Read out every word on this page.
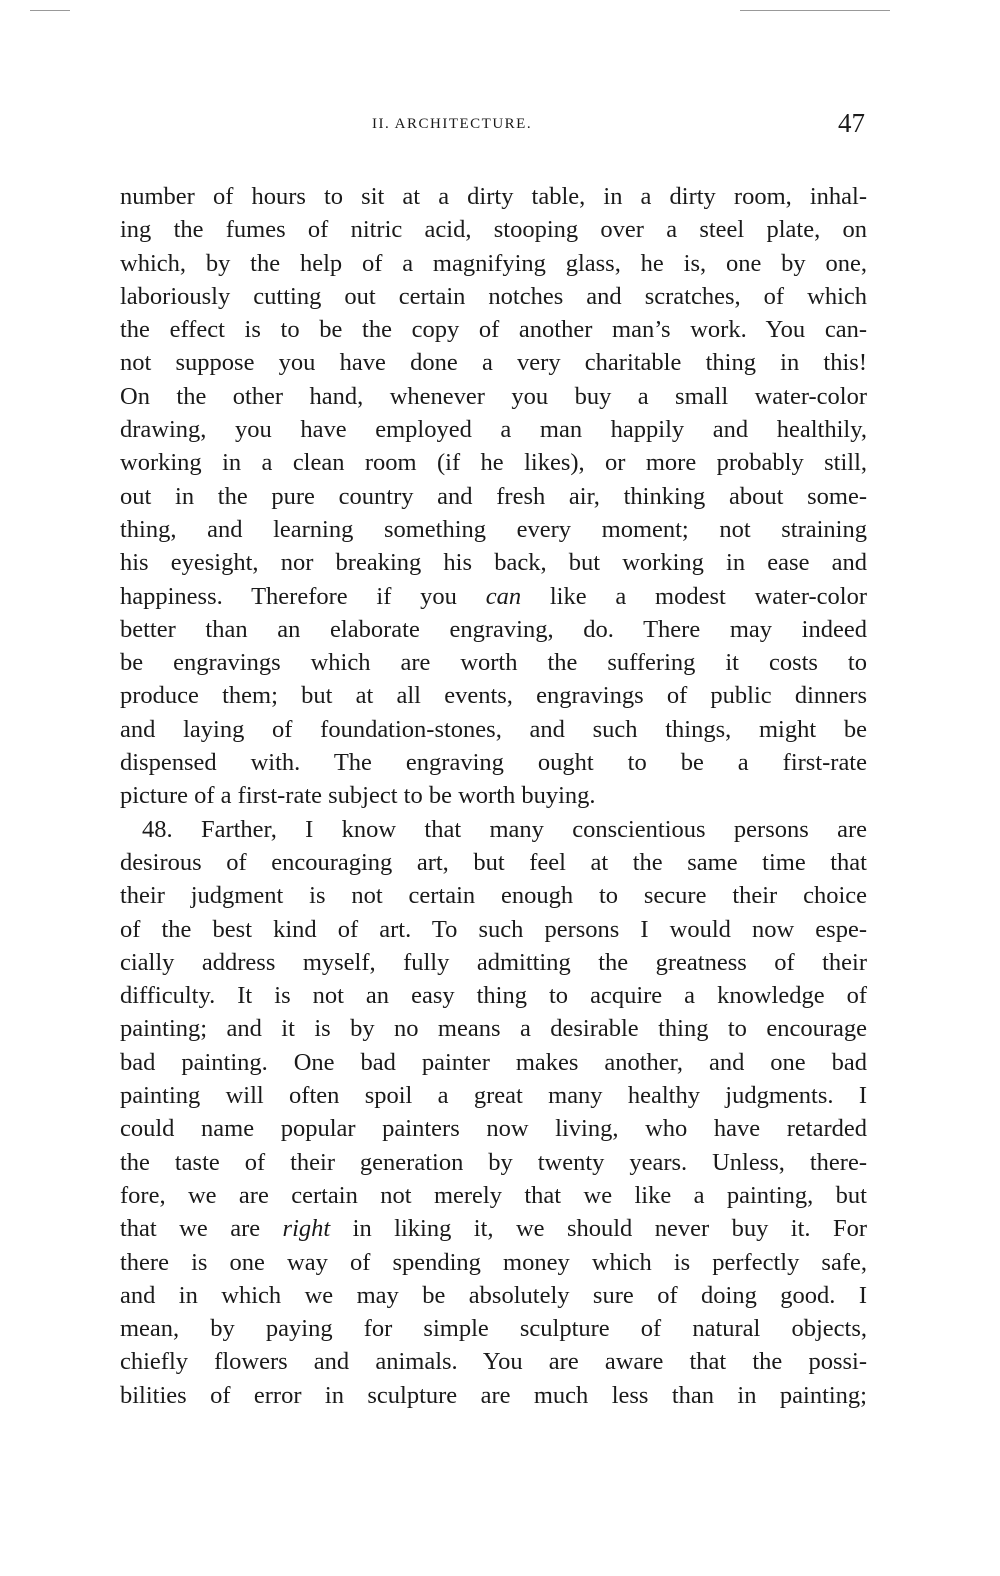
II. ARCHITECTURE.	47
number of hours to sit at a dirty table, in a dirty room, inhal-
ing the fumes of nitric acid, stooping over a steel plate, on
which, by the help of a magnifying glass, he is, one by one,
laboriously cutting out certain notches and scratches, of which
the effect is to be the copy of another man’s work. You can-
not suppose you have done a very charitable thing in this!
On the other hand, whenever you buy a small water-color
drawing, you have employed a man happily and healthily,
working in a clean room (if he likes), or more probably still,
out in the pure country and fresh air, thinking about some-
thing, and learning something every moment; not straining
his eyesight, nor breaking his back, but working in ease and
happiness. Therefore if you can like a modest water-color
better than an elaborate engraving, do. There may indeed
be engravings which are worth the suffering it costs to
produce them; but at all events, engravings of public dinners
and laying of foundation-stones, and such things, might be
dispensed with. The engraving ought to be a first-rate
picture of a first-rate subject to be worth buying.
48. Farther, I know that many conscientious persons are
desirous of encouraging art, but feel at the same time that
their judgment is not certain enough to secure their choice
of the best kind of art. To such persons I would now espe-
cially address myself, fully admitting the greatness of their
difficulty. It is not an easy thing to acquire a knowledge of
painting; and it is by no means a desirable thing to encourage
bad painting. One bad painter makes another, and one bad
painting will often spoil a great many healthy judgments. I
could name popular painters now living, who have retarded
the taste of their generation by twenty years. Unless, there-
fore, we are certain not merely that we like a painting, but
that we are right in liking it, we should never buy it. For
there is one way of spending money which is perfectly safe,
and in which we may be absolutely sure of doing good. I
mean, by paying for simple sculpture of natural objects,
chiefly flowers and animals. You are aware that the possi-
bilities of error in sculpture are much less than in painting;
